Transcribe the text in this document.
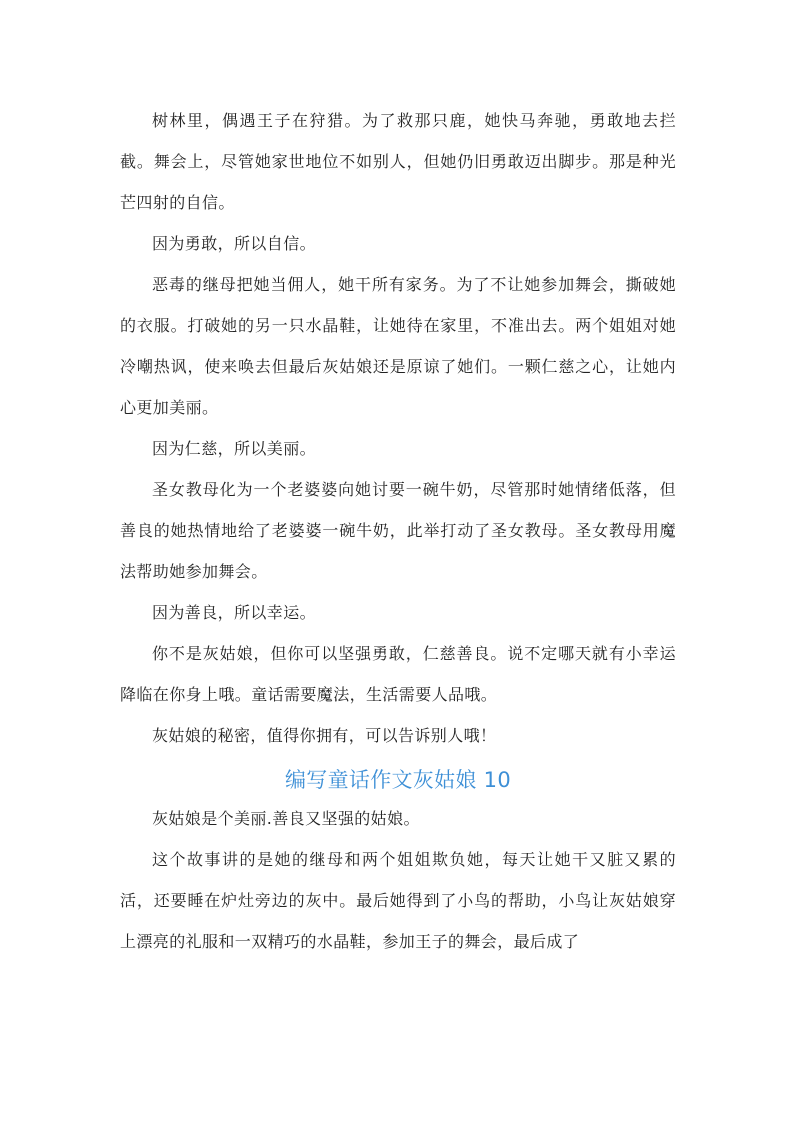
树林里，偶遇王子在狩猎。为了救那只鹿，她快马奔驰，勇敢地去拦截。舞会上，尽管她家世地位不如别人，但她仍旧勇敢迈出脚步。那是种光芒四射的自信。

因为勇敢，所以自信。

恶毒的继母把她当佣人，她干所有家务。为了不让她参加舞会，撕破她的衣服。打破她的另一只水晶鞋，让她待在家里，不准出去。两个姐姐对她冷嘲热讽，使来唤去但最后灰姑娘还是原谅了她们。一颗仁慈之心，让她内心更加美丽。

因为仁慈，所以美丽。

圣女教母化为一个老婆婆向她讨要一碗牛奶，尽管那时她情绪低落，但善良的她热情地给了老婆婆一碗牛奶，此举打动了圣女教母。圣女教母用魔法帮助她参加舞会。

因为善良，所以幸运。

你不是灰姑娘，但你可以坚强勇敢，仁慈善良。说不定哪天就有小幸运降临在你身上哦。童话需要魔法，生活需要人品哦。

灰姑娘的秘密，值得你拥有，可以告诉别人哦！

编写童话作文灰姑娘 10

灰姑娘是个美丽.善良又坚强的姑娘。

这个故事讲的是她的继母和两个姐姐欺负她，每天让她干又脏又累的活，还要睡在炉灶旁边的灰中。最后她得到了小鸟的帮助，小鸟让灰姑娘穿上漂亮的礼服和一双精巧的水晶鞋，参加王子的舞会，最后成了
